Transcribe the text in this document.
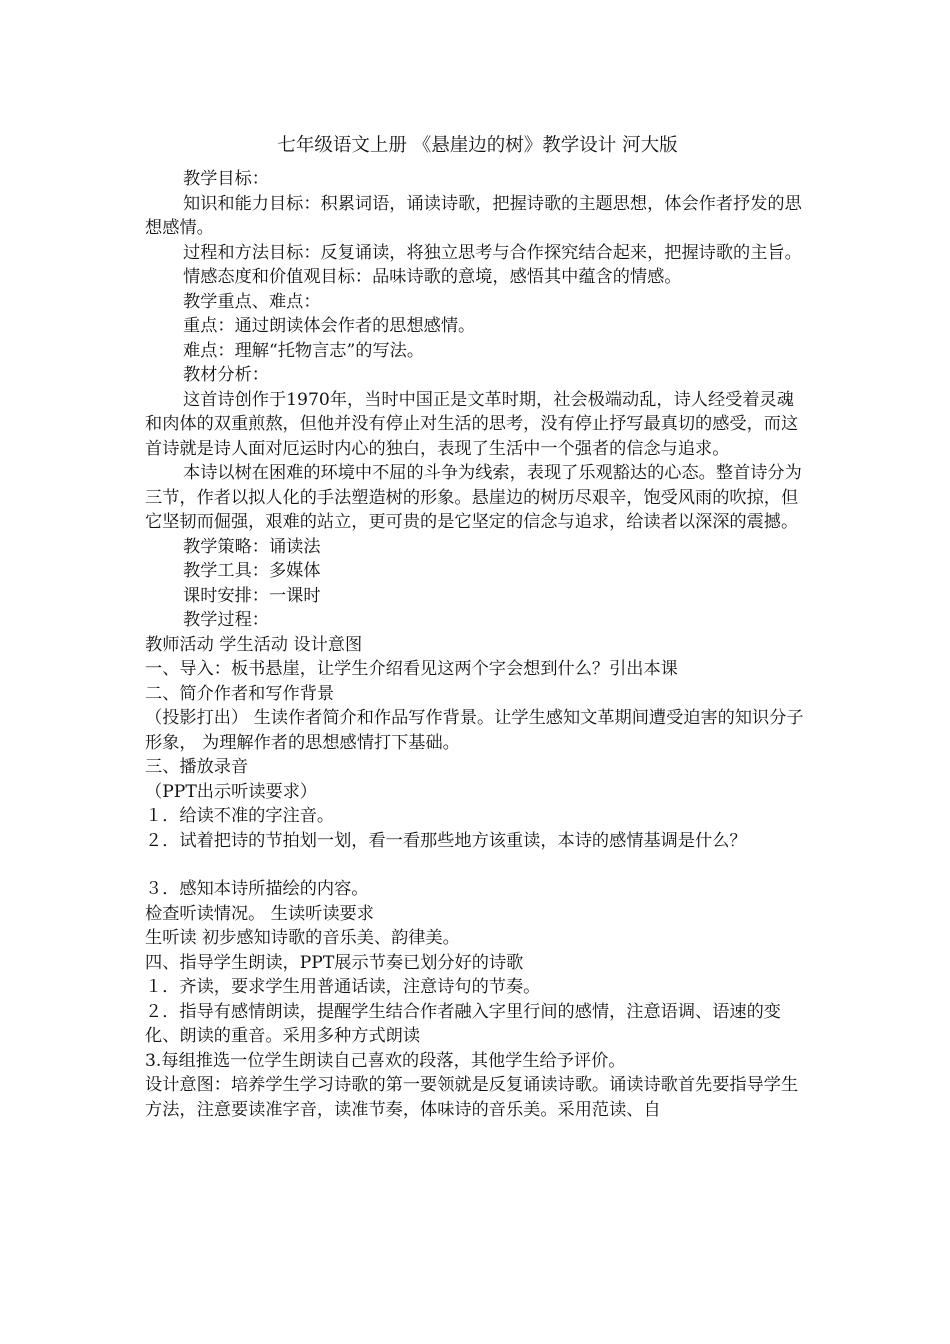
七年级语文上册 《悬崖边的树》教学设计 河大版

教学目标：

知识和能力目标：积累词语，诵读诗歌，把握诗歌的主题思想，体会作者抒发的思想感情。

过程和方法目标：反复诵读，将独立思考与合作探究结合起来，把握诗歌的主旨。

情感态度和价值观目标：品味诗歌的意境，感悟其中蕴含的情感。

教学重点、难点：

重点：通过朗读体会作者的思想感情。

难点：理解“托物言志”的写法。

教材分析：

这首诗创作于1970年，当时中国正是文革时期，社会极端动乱，诗人经受着灵魂和肉体的双重煎熬，但他并没有停止对生活的思考，没有停止抒写最真切的感受，而这首诗就是诗人面对厄运时内心的独白，表现了生活中一个强者的信念与追求。

本诗以树在困难的环境中不屈的斗争为线索，表现了乐观豁达的心态。整首诗分为三节，作者以拟人化的手法塑造树的形象。悬崖边的树历尽艰辛，饱受风雨的吹掠，但它坚韧而倔强，艰难的站立，更可贵的是它坚定的信念与追求，给读者以深深的震撼。

教学策略：诵读法

教学工具：多媒体

课时安排：一课时

教学过程：

教师活动 学生活动 设计意图

一、导入：板书悬崖，让学生介绍看见这两个字会想到什么？引出本课

二、简介作者和写作背景

（投影打出） 生读作者简介和作品写作背景。让学生感知文革期间遭受迫害的知识分子形象， 为理解作者的思想感情打下基础。

三、播放录音

（PPT出示听读要求）

１．给读不准的字注音。

２．试着把诗的节拍划一划，看一看那些地方该重读，本诗的感情基调是什么？

３．感知本诗所描绘的内容。

检查听读情况。 生读听读要求

生听读 初步感知诗歌的音乐美、韵律美。

四、指导学生朗读，PPT展示节奏已划分好的诗歌

１．齐读，要求学生用普通话读，注意诗句的节奏。

２．指导有感情朗读，提醒学生结合作者融入字里行间的感情，注意语调、语速的变化、朗读的重音。采用多种方式朗读

3.每组推选一位学生朗读自己喜欢的段落，其他学生给予评价。

设计意图：培养学生学习诗歌的第一要领就是反复诵读诗歌。诵读诗歌首先要指导学生方法，注意要读准字音，读准节奏，体味诗的音乐美。采用范读、自
